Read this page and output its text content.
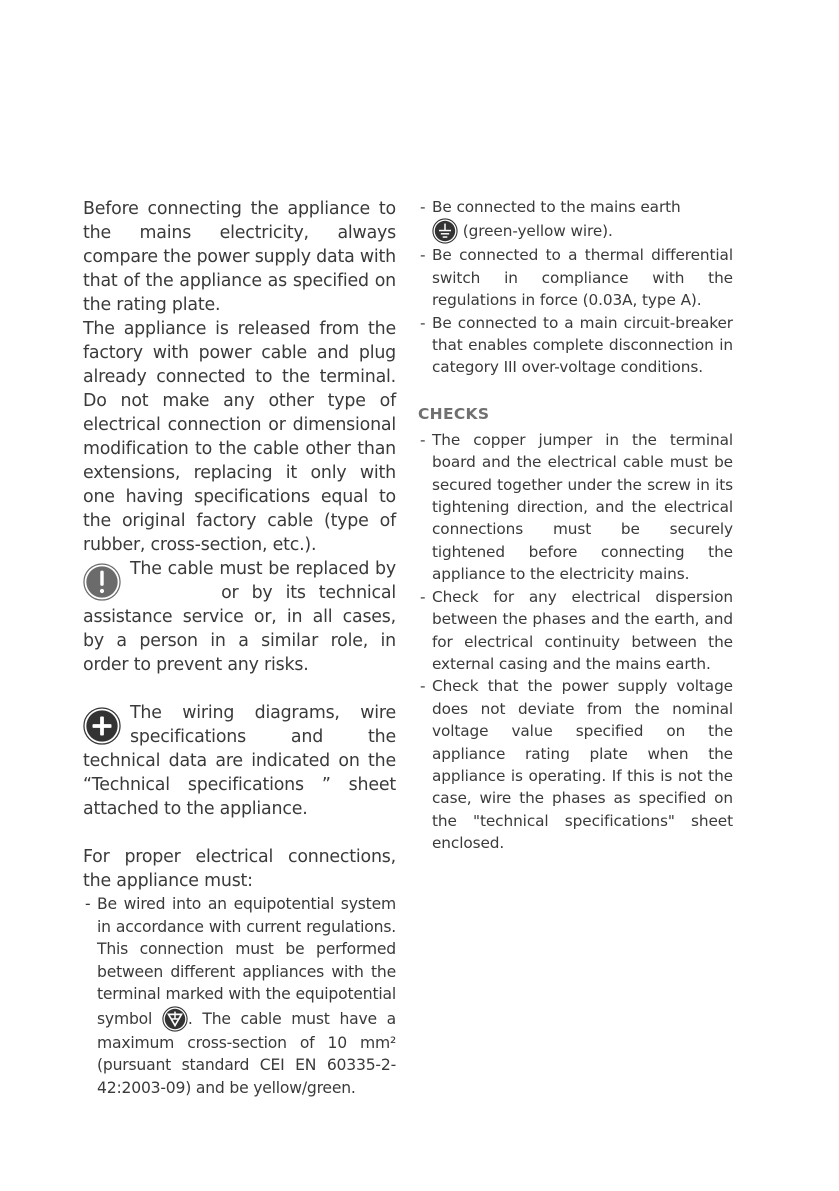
Before connecting the appliance to the mains electricity, always compare the power supply data with that of the appliance as specified on the rating plate.

The appliance is released from the factory with power cable and plug already connected to the terminal. Do not make any other type of electrical connection or dimensional modification to the cable other than extensions, replacing it only with one having specifications equal to the original factory cable (type of rubber, cross-section, etc.).

The cable must be replaced by  or by its technical assistance service or, in all cases, by a person in a similar role, in order to prevent any risks.

The wiring diagrams, wire specifications and the technical data are indicated on the “Technical specifications ” sheet attached to the appliance.

For proper electrical connections, the appliance must:

- Be wired into an equipotential system in accordance with current regulations. This connection must be performed between different appliances with the terminal marked with the equipotential symbol . The cable must have a maximum cross-section of 10 mm² (pursuant standard CEI EN 60335-2-42:2003-09) and be yellow/green.
- Be connected to the mains earth
(green-yellow wire).
- Be connected to a thermal differential switch in compliance with the regulations in force (0.03A, type A).
- Be connected to a main circuit-breaker that enables complete disconnection in category III over-voltage conditions.
CHECKS
- The copper jumper in the terminal board and the electrical cable must be secured together under the screw in its tightening direction, and the electrical connections must be securely tightened before connecting the appliance to the electricity mains.
- Check for any electrical dispersion between the phases and the earth, and for electrical continuity between the external casing and the mains earth.
- Check that the power supply voltage does not deviate from the nominal voltage value specified on the appliance rating plate when the appliance is operating. If this is not the case, wire the phases as specified on the "technical specifications" sheet enclosed.
